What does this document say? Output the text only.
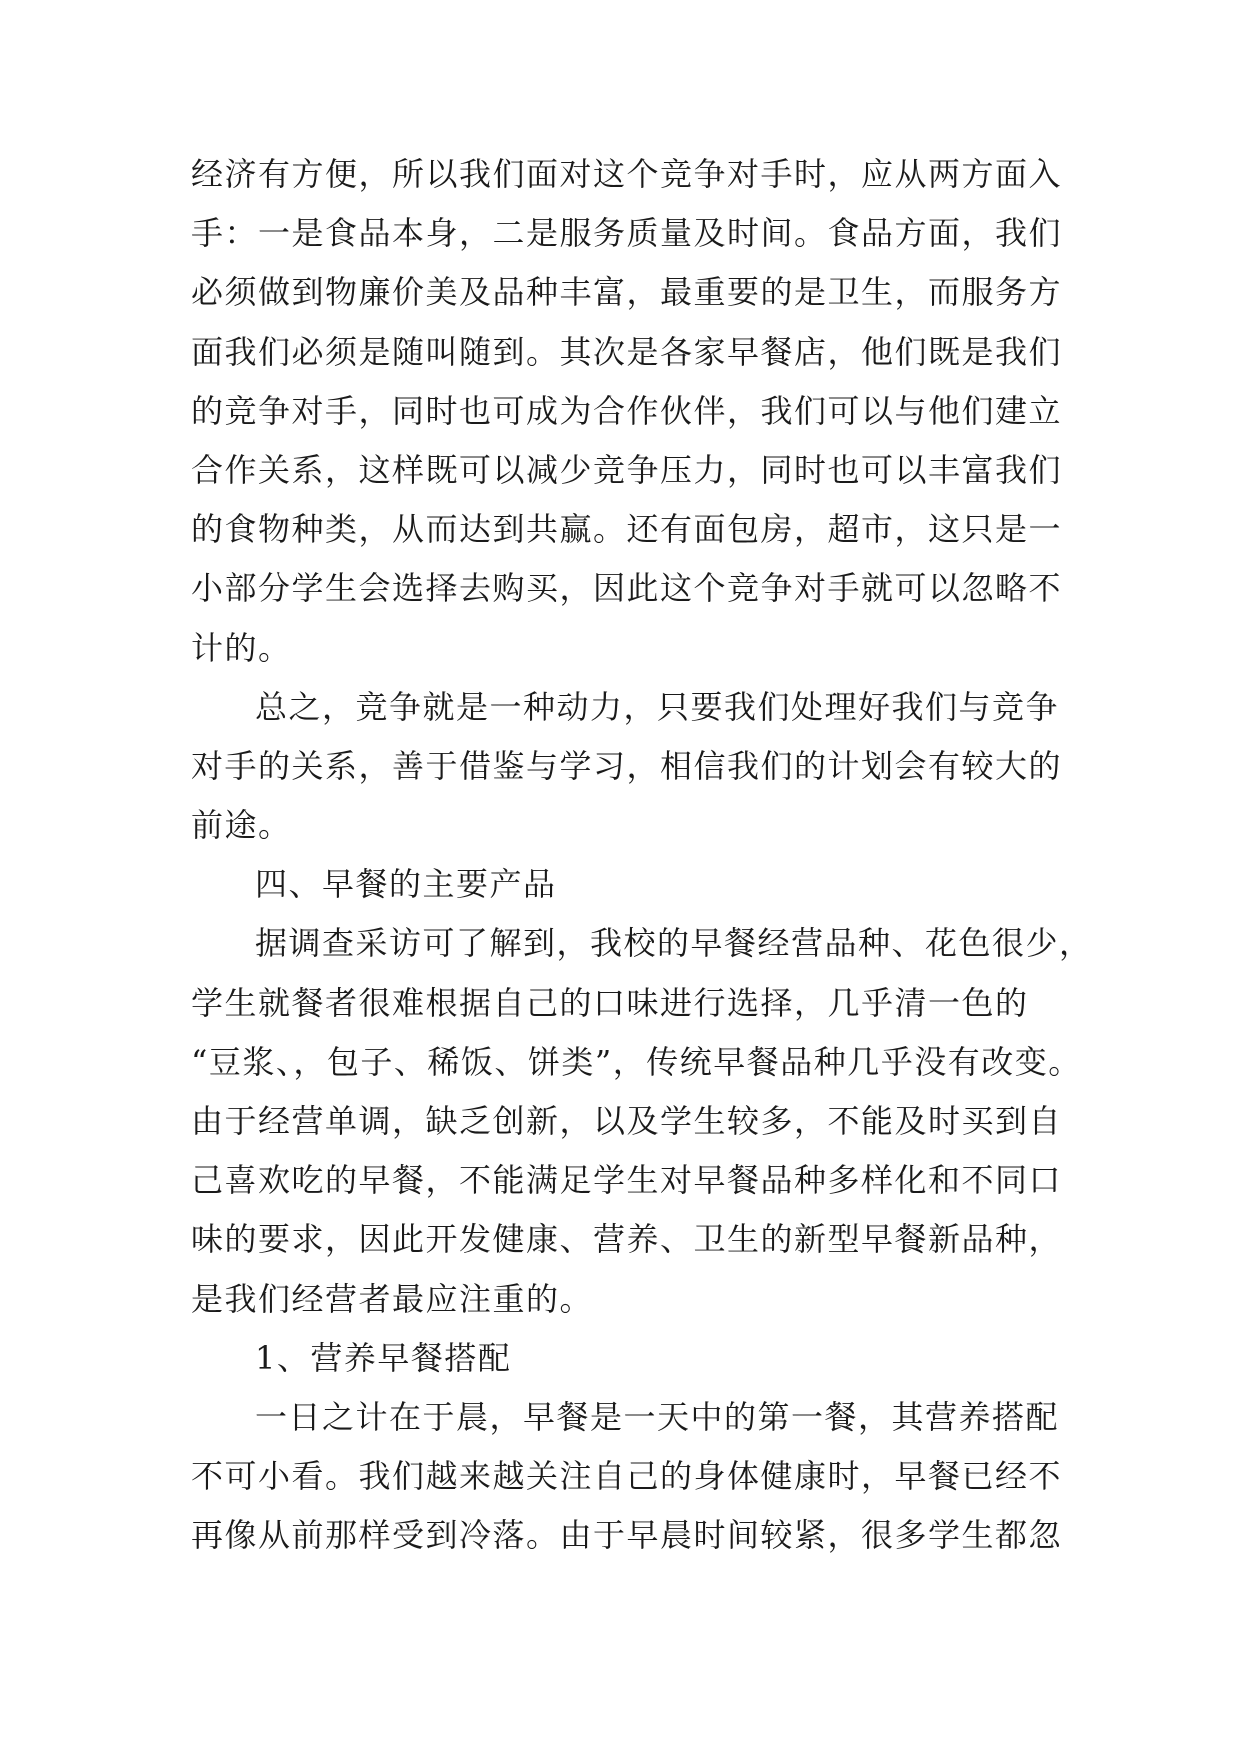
经济有方便，所以我们面对这个竞争对手时，应从两方面入
手：一是食品本身，二是服务质量及时间。食品方面，我们
必须做到物廉价美及品种丰富，最重要的是卫生，而服务方
面我们必须是随叫随到。其次是各家早餐店，他们既是我们
的竞争对手，同时也可成为合作伙伴，我们可以与他们建立
合作关系，这样既可以减少竞争压力，同时也可以丰富我们
的食物种类，从而达到共赢。还有面包房，超市，这只是一
小部分学生会选择去购买，因此这个竞争对手就可以忽略不
计的。
总之，竞争就是一种动力，只要我们处理好我们与竞争
对手的关系，善于借鉴与学习，相信我们的计划会有较大的
前途。
四、早餐的主要产品
据调查采访可了解到，我校的早餐经营品种、花色很少，
学生就餐者很难根据自己的口味进行选择，几乎清一色的
“豆浆、，包子、稀饭、饼类”，传统早餐品种几乎没有改变。
由于经营单调，缺乏创新，以及学生较多，不能及时买到自
己喜欢吃的早餐，不能满足学生对早餐品种多样化和不同口
味的要求，因此开发健康、营养、卫生的新型早餐新品种，
是我们经营者最应注重的。
1、营养早餐搭配
一日之计在于晨，早餐是一天中的第一餐，其营养搭配
不可小看。我们越来越关注自己的身体健康时，早餐已经不
再像从前那样受到冷落。由于早晨时间较紧，很多学生都忽
